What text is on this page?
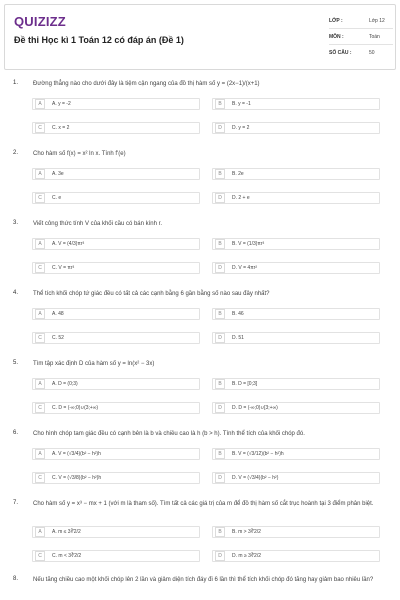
QUIZIZZ
Đề thi Học kì 1 Toán 12 có đáp án (Đề 1)
LỚP :	Lớp 12
MÔN :	Toán
SỐ CÂU :	50
1. Đường thẳng nào cho dưới đây là tiệm cận ngang của đồ thị hàm số y = (2x−1)/(x+1)
A	A. y = -2	B	B. y = -1
C	C. x = 2	D	D. y = 2
2. Cho hàm số f(x) = x² ln x. Tính f'(e)
A	A. 3e	B	B. 2e
C	C. e	D	D. 2 + e
3. Viết công thức tính V của khối cầu có bán kính r.
A	A. V = (4/3)πr³	B	B. V = (1/3)πr³
C	C. V = πr³	D	D. V = 4πr²
4. Thể tích khối chóp tứ giác đều có tất cả các cạnh bằng 6 gần bằng số nào sau đây nhất?
A	A. 48	B	B. 46
C	C. 52	D	D. 51
5. Tìm tập xác định D của hàm số y = ln(x² − 3x)
A	A. D = (0;3)	B	B. D = [0;3]
C	C. D = (-∞;0)∪(3;+∞)	D	D. D = (-∞;0)∪[3;+∞)
6. Cho hình chóp tam giác đều có cạnh bên là b và chiều cao là h (b > h). Tính thể tích của khối chóp đó.
A	A. V = (√3/4)(b² − h²)h	B	B. V = (√3/12)(b² − h²)h
C	C. V = (√3/8)(b² − h²)h	D	D. V = (√3/4)(b² − h²)
7. Cho hàm số y = x³ − mx + 1 (với m là tham số). Tìm tất cả các giá trị của m để đồ thị hàm số cắt trục hoành tại 3 điểm phân biệt.
A	A. m ≤ 3∛2/2	B	B. m > 3∛2/2
C	C. m < 3∛2/2	D	D. m ≥ 3∛2/2
8. Nếu tăng chiều cao một khối chóp lên 2 lần và giảm diện tích đáy đi 6 lần thì thể tích khối chóp đó tăng hay giảm bao nhiêu lần?
